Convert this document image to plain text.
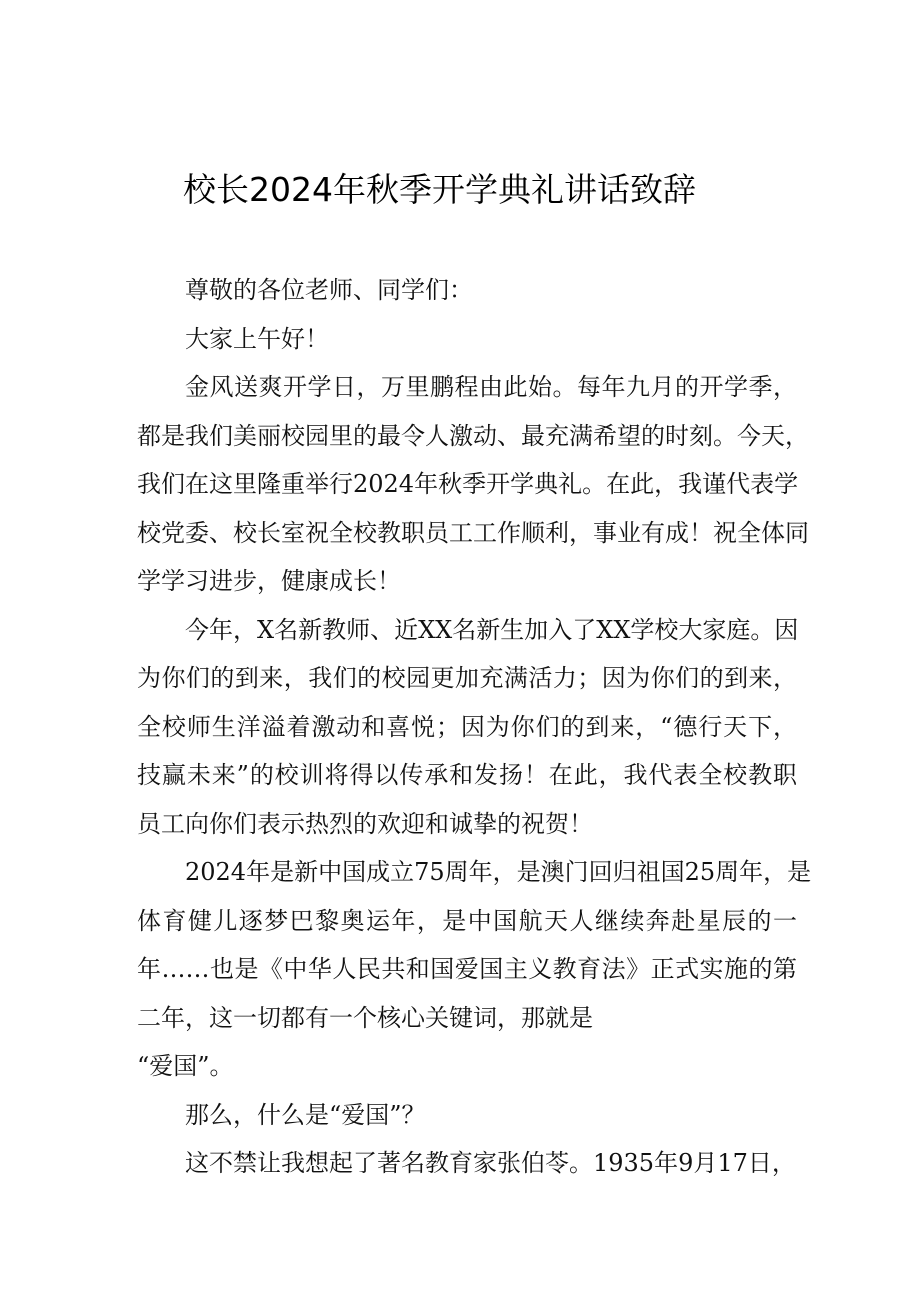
校长2024年秋季开学典礼讲话致辞

尊敬的各位老师、同学们：

大家上午好！

金风送爽开学日，万里鹏程由此始。每年九月的开学季，

都是我们美丽校园里的最令人激动、最充满希望的时刻。今天，

我们在这里隆重举行2024年秋季开学典礼。在此，我谨代表学

校党委、校长室祝全校教职员工工作顺利，事业有成！祝全体同

学学习进步，健康成长！

今年，X名新教师、近XX名新生加入了XX学校大家庭。因

为你们的到来，我们的校园更加充满活力；因为你们的到来，

全校师生洋溢着激动和喜悦；因为你们的到来，“德行天下，

技赢未来”的校训将得以传承和发扬！在此，我代表全校教职

员工向你们表示热烈的欢迎和诚挚的祝贺！

2024年是新中国成立75周年，是澳门回归祖国25周年，是

体育健儿逐梦巴黎奥运年，是中国航天人继续奔赴星辰的一

年……也是《中华人民共和国爱国主义教育法》正式实施的第

二年，这一切都有一个核心关键词，那就是

“爱国”。

那么，什么是“爱国”？

这不禁让我想起了著名教育家张伯苓。1935年9月17日，
